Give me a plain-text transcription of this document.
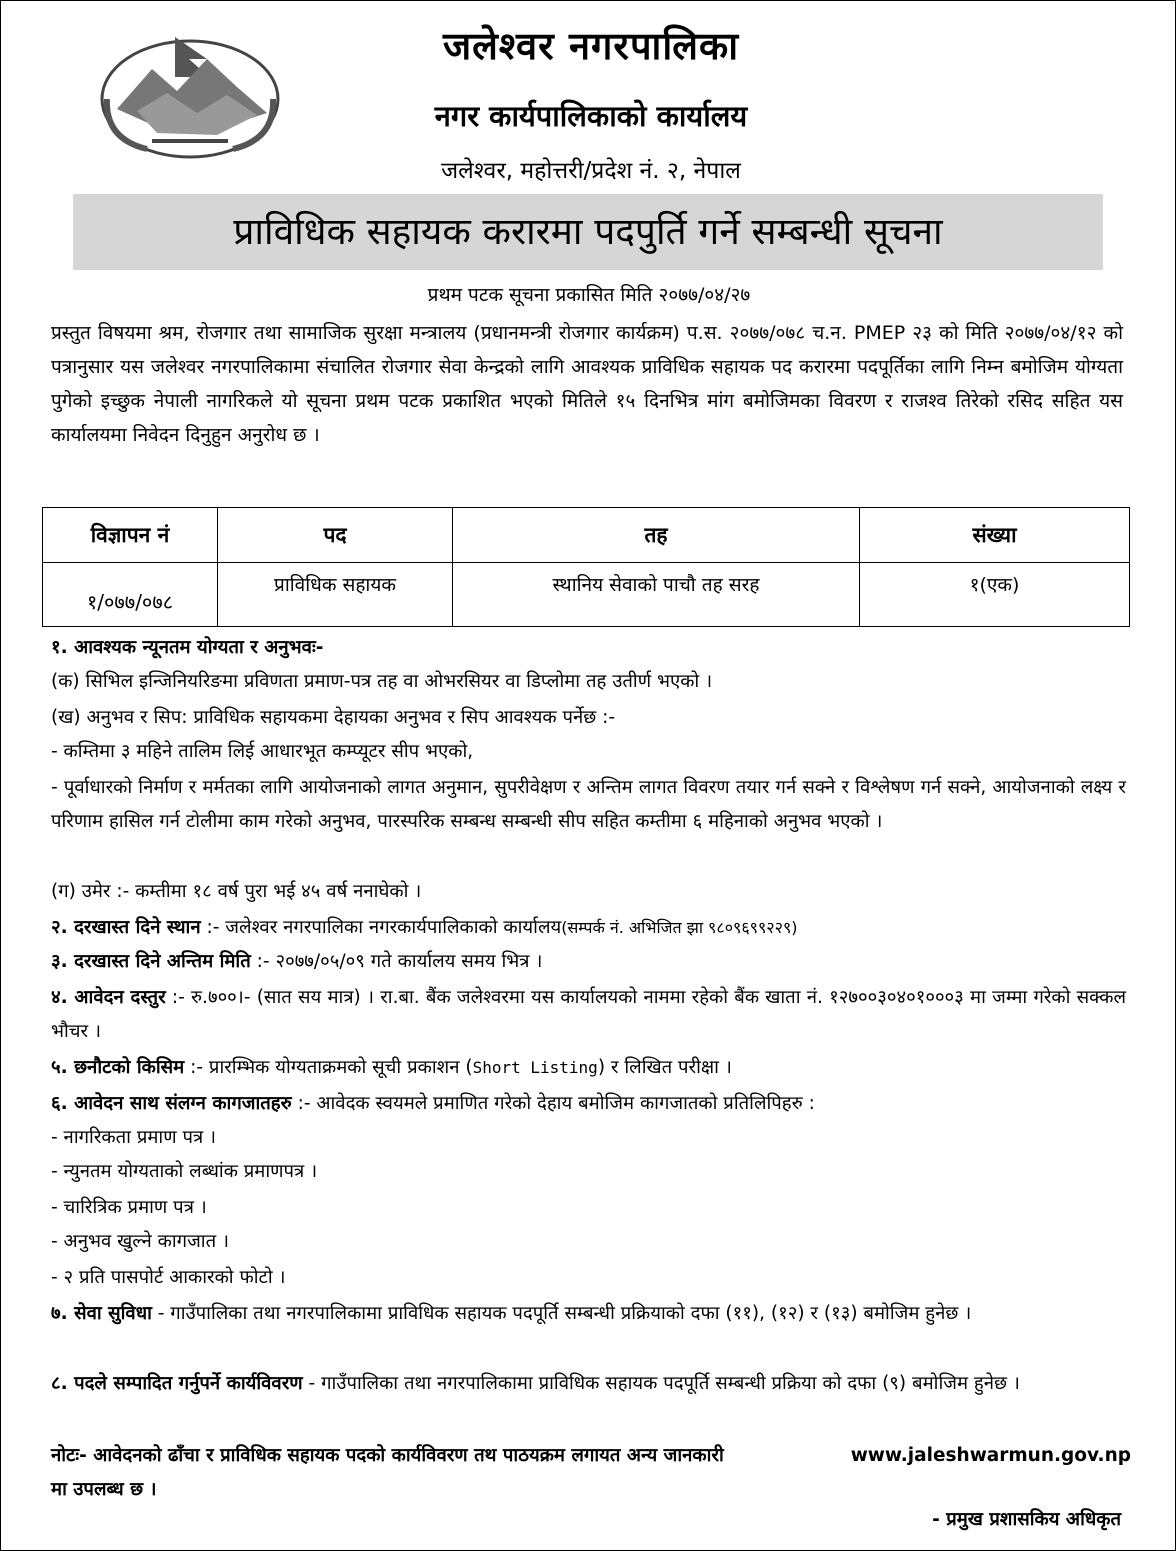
जलेश्वर नगरपालिका
नगर कार्यपालिकाको कार्यालय
जलेश्वर, महोत्तरी/प्रदेश नं. २, नेपाल
प्राविधिक सहायक करारमा पदपुर्ति गर्ने सम्बन्धी सूचना
प्रथम पटक सूचना प्रकासित मिति २०७७/०४/२७
प्रस्तुत विषयमा श्रम, रोजगार तथा सामाजिक सुरक्षा मन्त्रालय (प्रधानमन्त्री रोजगार कार्यक्रम) प.स. २०७७/०७८ च.न. PMEP २३ को मिति २०७७/०४/१२ को पत्रानुसार यस जलेश्वर नगरपालिकामा संचालित रोजगार सेवा केन्द्रको लागि आवश्यक प्राविधिक सहायक पद करारमा पदपूर्तिका लागि निम्न बमोजिम योग्यता पुगेको इच्छुक नेपाली नागरिकले यो सूचना प्रथम पटक प्रकाशित भएको मितिले १५ दिनभित्र मांग बमोजिमका विवरण र राजश्व तिरेको रसिद सहित यस कार्यालयमा निवेदन दिनुहुन अनुरोध छ ।
विज्ञापन नं	पद	तह	संख्या
१/०७७/०७८	प्राविधिक सहायक	स्थानिय सेवाको पाचौ तह सरह	१(एक)
१. आवश्यक न्यूनतम योग्यता र अनुभवः-
(क) सिभिल इन्जिनियरिङमा प्रविणता प्रमाण-पत्र तह वा ओभरसियर वा डिप्लोमा तह उतीर्ण भएको ।
(ख) अनुभव र सिप: प्राविधिक सहायकमा देहायका अनुभव र सिप आवश्यक पर्नेछ :-
- कम्तिमा ३ महिने तालिम लिई आधारभूत कम्प्यूटर सीप भएको,
- पूर्वाधारको निर्माण र मर्मतका लागि आयोजनाको लागत अनुमान, सुपरीवेक्षण र अन्तिम लागत विवरण तयार गर्न सक्ने र विश्लेषण गर्न सक्ने, आयोजनाको लक्ष्य र परिणाम हासिल गर्न टोलीमा काम गरेको अनुभव, पारस्परिक सम्बन्ध सम्बन्धी सीप सहित कम्तीमा ६ महिनाको अनुभव भएको ।
(ग) उमेर :- कम्तीमा १८ वर्ष पुरा भई ४५ वर्ष ननाघेको ।
२. दरखास्त दिने स्थान :- जलेश्वर नगरपालिका नगरकार्यपालिकाको कार्यालय(सम्पर्क नं. अभिजित झा ९८०९६९९२२९)
३. दरखास्त दिने अन्तिम मिति :- २०७७/०५/०९ गते कार्यालय समय भित्र ।
४. आवेदन दस्तुर :- रु.७००।- (सात सय मात्र) । रा.बा. बैंक जलेश्वरमा यस कार्यालयको नाममा रहेको बैंक खाता नं. १२७००३०४०१०००३ मा जम्मा गरेको सक्कल भौचर ।
५. छनौटको किसिम :- प्रारम्भिक योग्यताक्रमको सूची प्रकाशन (Short Listing) र लिखित परीक्षा ।
६. आवेदन साथ संलग्न कागजातहरु :- आवेदक स्वयमले प्रमाणित गरेको देहाय बमोजिम कागजातको प्रतिलिपिहरु :
- नागरिकता प्रमाण पत्र ।
- न्युनतम योग्यताको लब्धांक प्रमाणपत्र ।
- चारित्रिक प्रमाण पत्र ।
- अनुभव खुल्ने कागजात ।
- २ प्रति पासपोर्ट आकारको फोटो ।
७. सेवा सुविधा - गाउँपालिका तथा नगरपालिकामा प्राविधिक सहायक पदपूर्ति सम्बन्धी प्रक्रियाको दफा (११), (१२) र (१३) बमोजिम हुनेछ ।
८. पदले सम्पादित गर्नुपर्ने कार्यविवरण - गाउँपालिका तथा नगरपालिकामा प्राविधिक सहायक पदपूर्ति सम्बन्धी प्रक्रिया को दफा (९) बमोजिम हुनेछ ।
नोटः- आवेदनको ढाँचा र प्राविधिक सहायक पदको कार्यविवरण तथ पाठयक्रम लगायत अन्य जानकारी	www.jaleshwarmun.gov.np
मा उपलब्ध छ ।
- प्रमुख प्रशासकिय अधिकृत
